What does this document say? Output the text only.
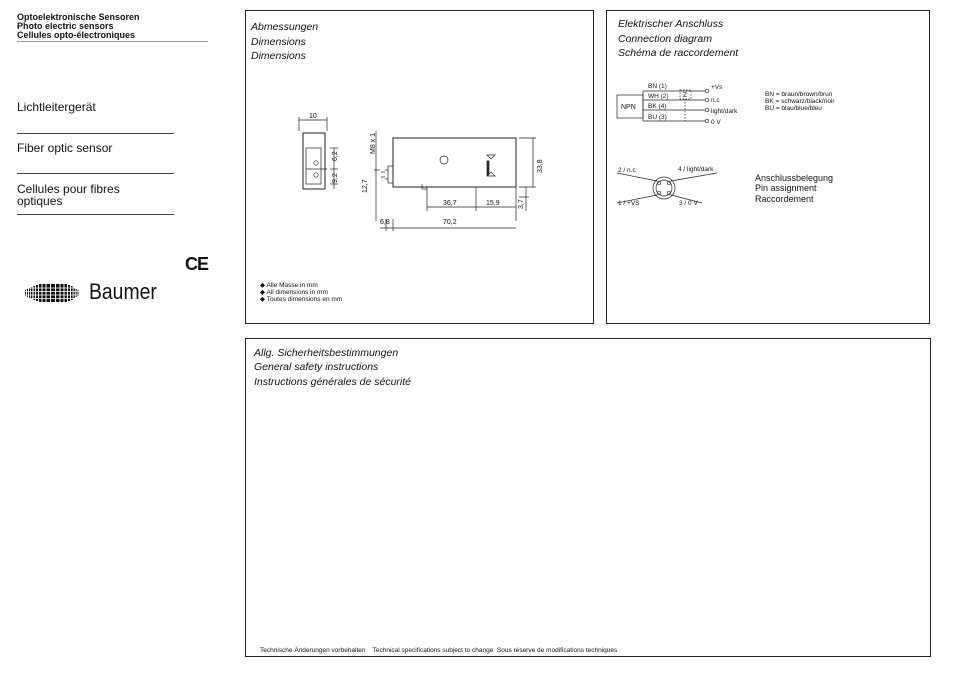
Optoelektronische Sensoren
Photo electric sensors
Cellules opto-électroniques
Lichtleitergerät
Fiber optic sensor
Cellules pour fibres
optiques
CE
Baumer
Abmessungen
Dimensions
Dimensions
10
6,2
9,2
M8 x 1
12,7
33,8
36,7	15,9	3,7
6,8	70,2
◆ Alle Masse in mm
◆ All dimensions in mm
◆ Toutes dimensions en mm
Elektrischer Anschluss
Connection diagram
Schéma de raccordement
BN (1)
WH (2)
BK (4)
BU (3)
+Vs
n.c
light/dark
0 V
Z
NPN
BN = braun/brown/brun
BK = schwarz/black/noir
BU = blau/blue/bleu
2 / n.c	4 / light/dark
1 / +VS	3 / 0 V
Anschlussbelegung
Pin assignment
Raccordement
Allg. Sicherheitsbestimmungen
General safety instructions
Instructions générales de sécurité
Technische Änderungen vorbehalten    Technical specifications subject to change  Sous réserve de modifications techniques
